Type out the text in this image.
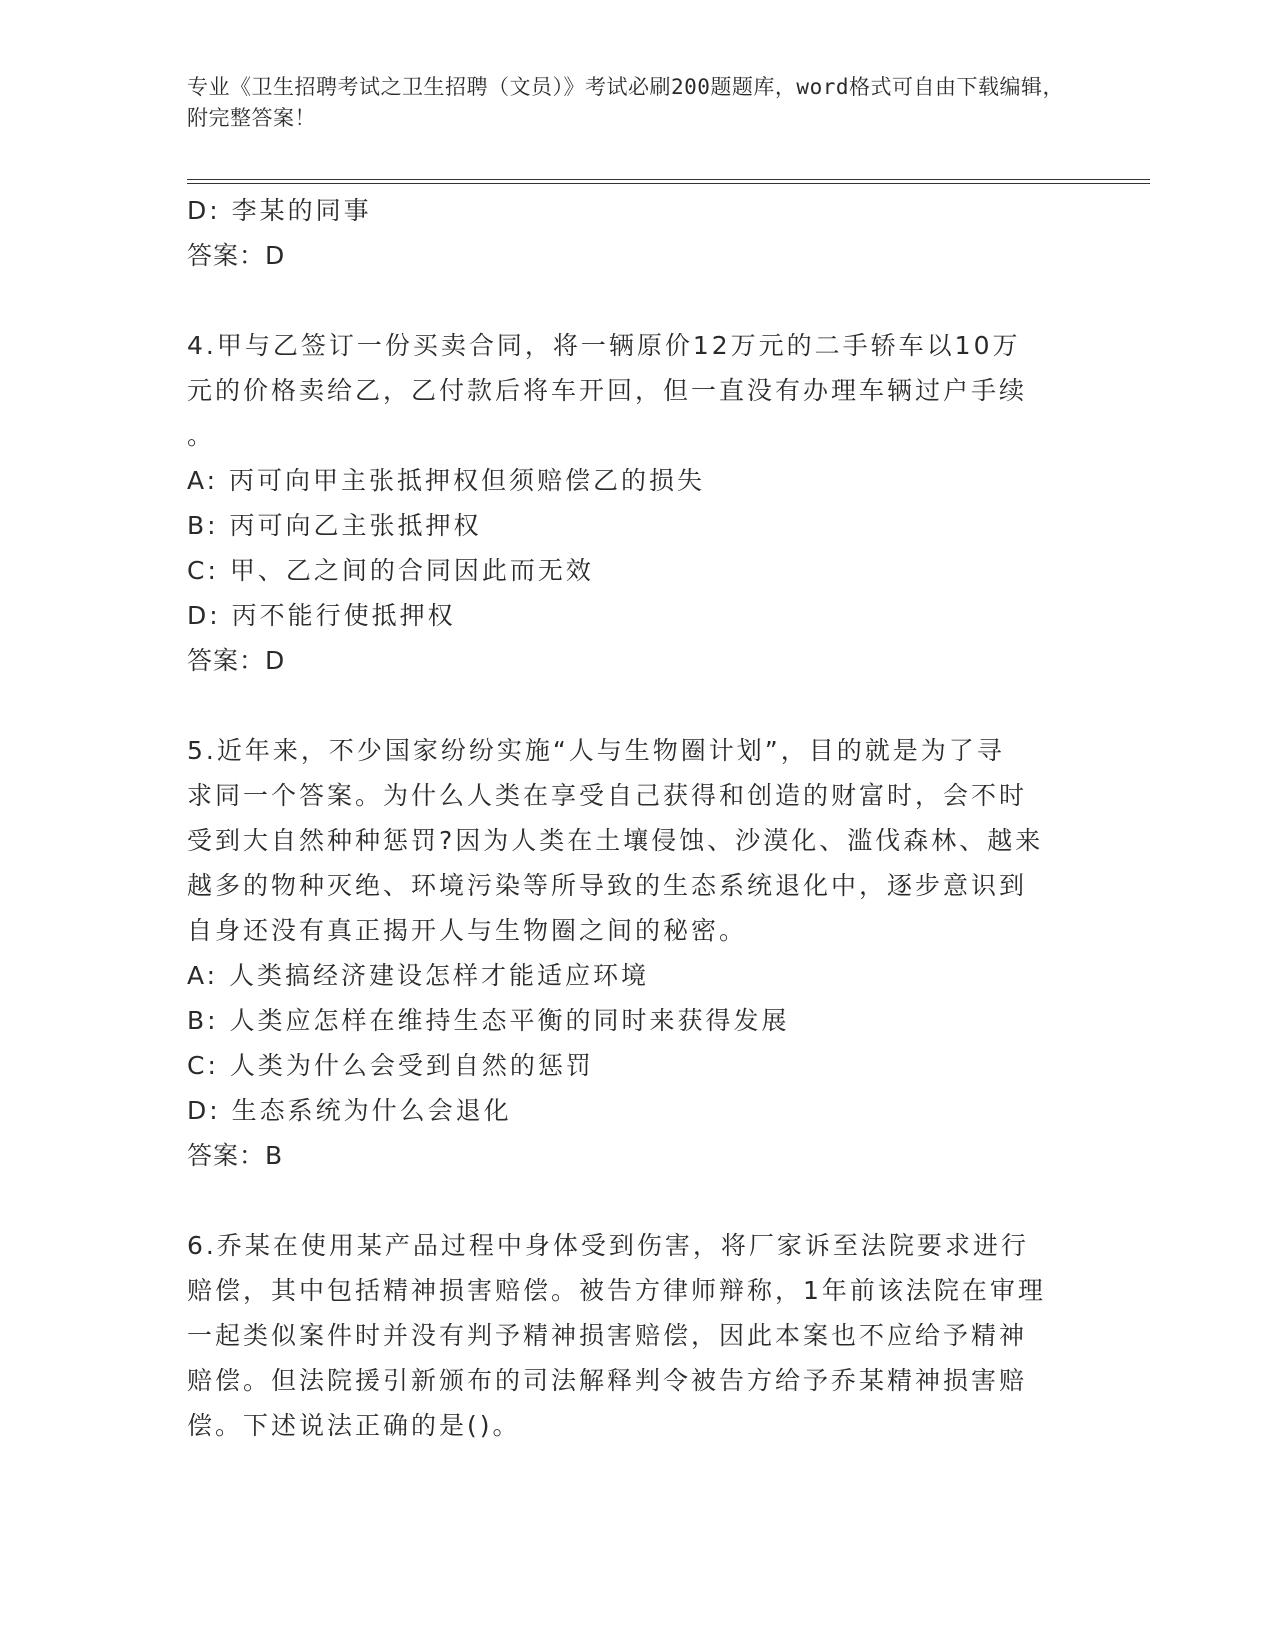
专业《卫生招聘考试之卫生招聘（文员）》考试必刷200题题库，word格式可自由下载编辑，附完整答案！

D: 李某的同事

答案：D

4.甲与乙签订一份买卖合同，将一辆原价12万元的二手轿车以10万

元的价格卖给乙，乙付款后将车开回，但一直没有办理车辆过户手续

。

A: 丙可向甲主张抵押权但须赔偿乙的损失

B: 丙可向乙主张抵押权

C: 甲、乙之间的合同因此而无效

D: 丙不能行使抵押权

答案：D

5.近年来，不少国家纷纷实施“人与生物圈计划”，目的就是为了寻

求同一个答案。为什么人类在享受自己获得和创造的财富时，会不时

受到大自然种种惩罚?因为人类在土壤侵蚀、沙漠化、滥伐森林、越来

越多的物种灭绝、环境污染等所导致的生态系统退化中，逐步意识到

自身还没有真正揭开人与生物圈之间的秘密。

A: 人类搞经济建设怎样才能适应环境

B: 人类应怎样在维持生态平衡的同时来获得发展

C: 人类为什么会受到自然的惩罚

D: 生态系统为什么会退化

答案：B

6.乔某在使用某产品过程中身体受到伤害，将厂家诉至法院要求进行

赔偿，其中包括精神损害赔偿。被告方律师辩称，1年前该法院在审理

一起类似案件时并没有判予精神损害赔偿，因此本案也不应给予精神

赔偿。但法院援引新颁布的司法解释判令被告方给予乔某精神损害赔

偿。下述说法正确的是()。
